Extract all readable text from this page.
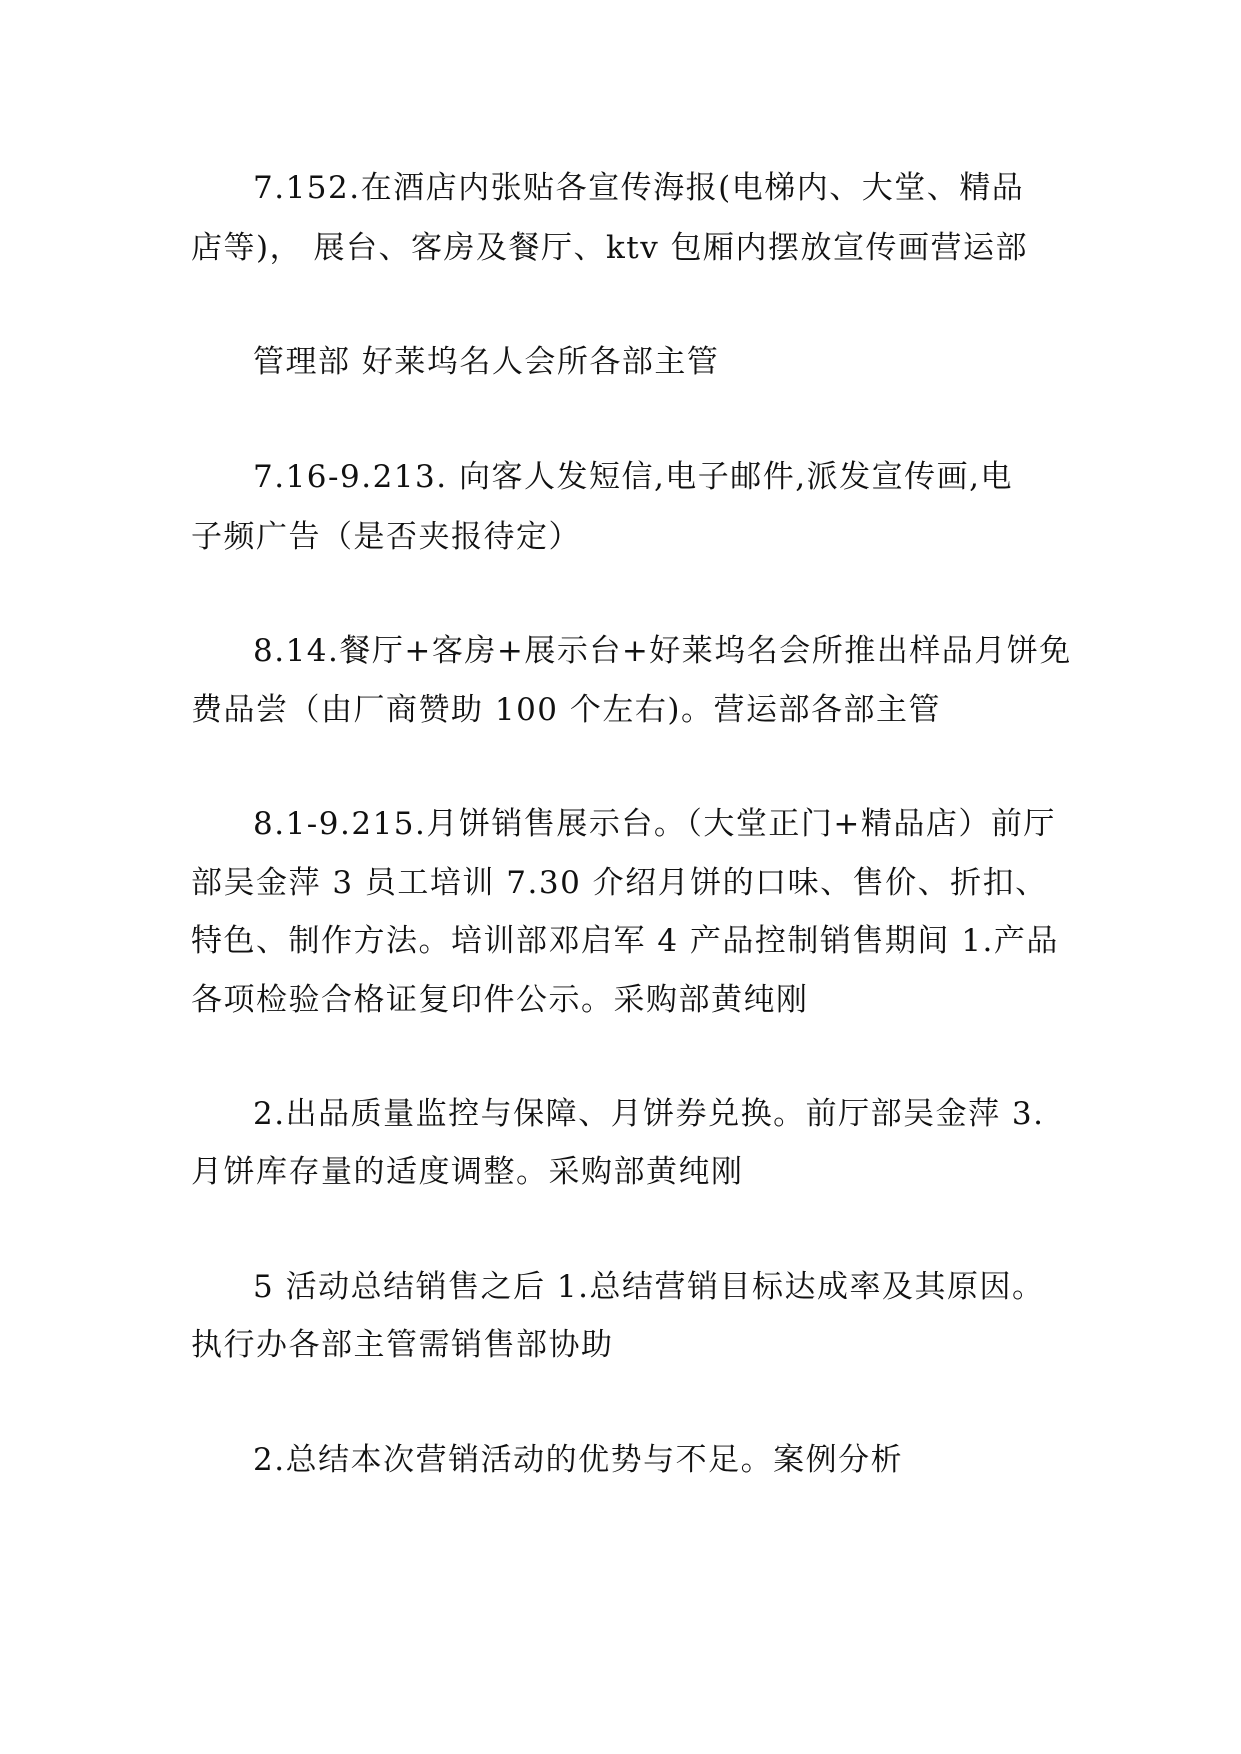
7.152.在酒店内张贴各宣传海报(电梯内、大堂、精品
店等)， 展台、客房及餐厅、ktv 包厢内摆放宣传画营运部
管理部 好莱坞名人会所各部主管
7.16-9.213. 向客人发短信,电子邮件,派发宣传画,电
子频广告（是否夹报待定）
8.14.餐厅+客房+展示台+好莱坞名会所推出样品月饼免
费品尝（由厂商赞助 100 个左右)。营运部各部主管
8.1-9.215.月饼销售展示台。（大堂正门+精品店）前厅
部吴金萍 3 员工培训 7.30 介绍月饼的口味、售价、折扣、
特色、制作方法。培训部邓启军 4 产品控制销售期间 1.产品
各项检验合格证复印件公示。采购部黄纯刚
2.出品质量监控与保障、月饼券兑换。前厅部吴金萍 3.
月饼库存量的适度调整。采购部黄纯刚
5 活动总结销售之后 1.总结营销目标达成率及其原因。
执行办各部主管需销售部协助
2.总结本次营销活动的优势与不足。案例分析
